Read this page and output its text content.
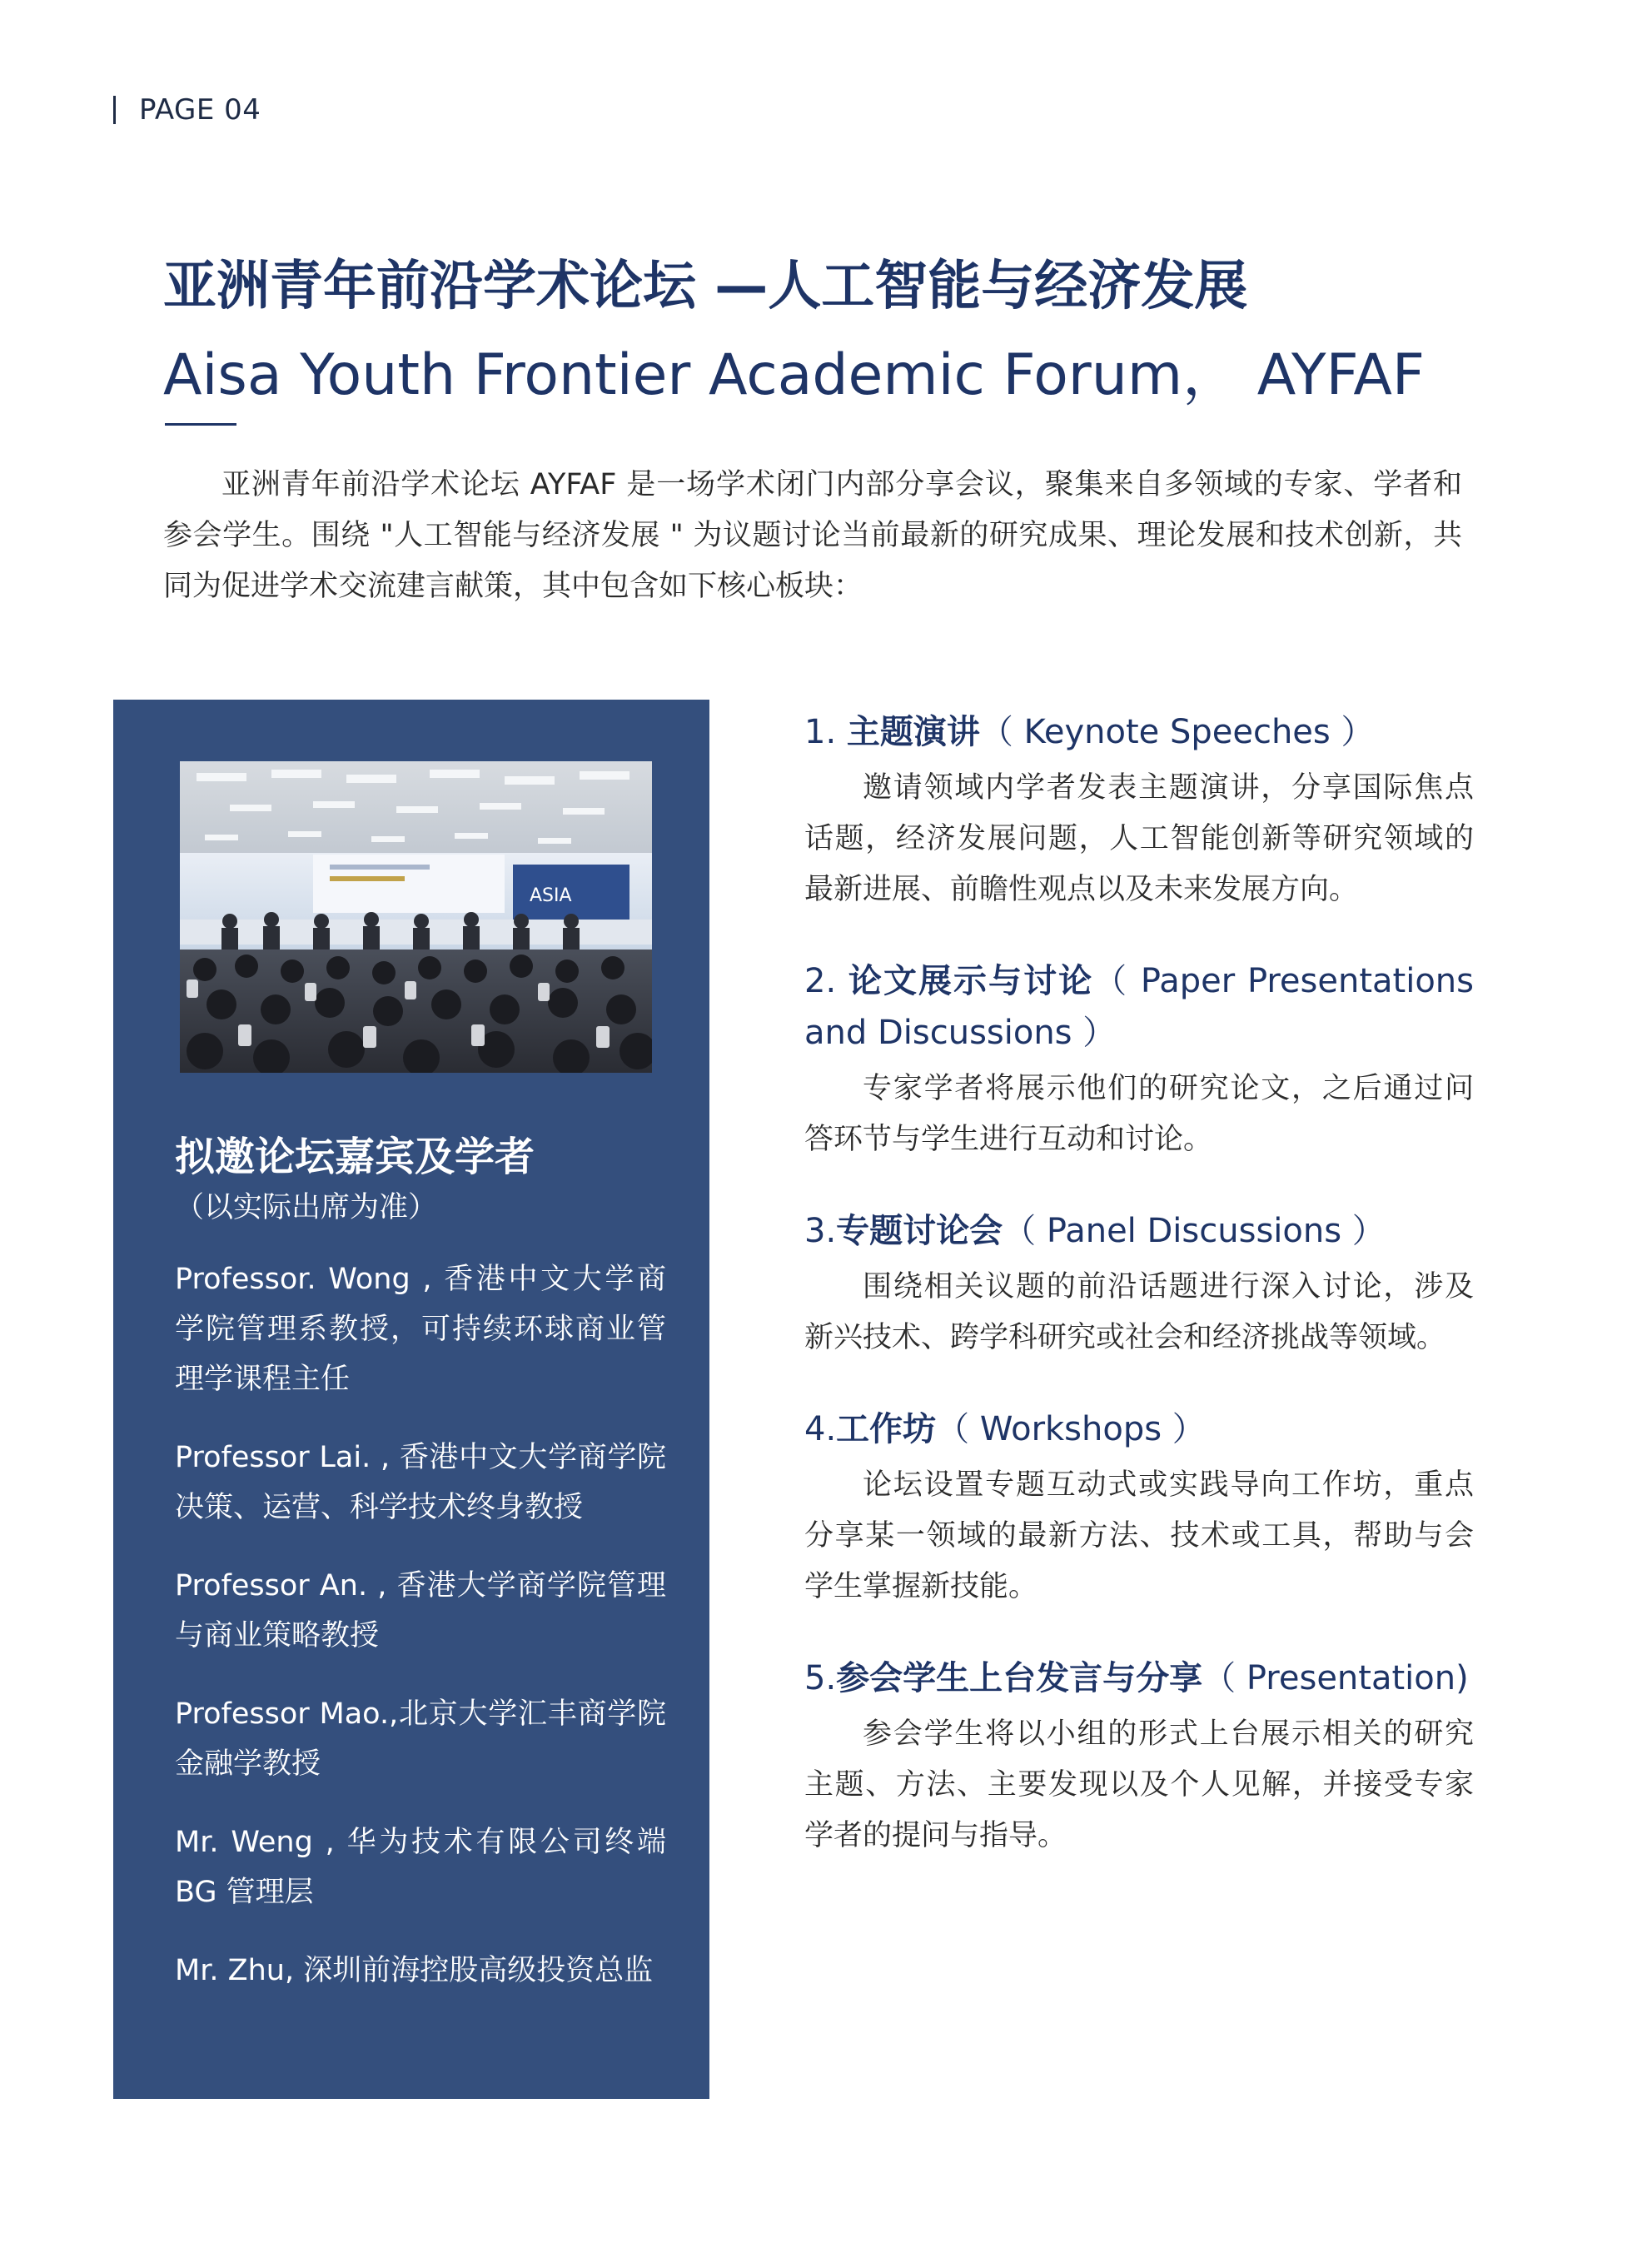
PAGE 04
亚洲青年前沿学术论坛 —人工智能与经济发展
Aisa Youth Frontier Academic Forum， AYFAF
亚洲青年前沿学术论坛 AYFAF 是一场学术闭门内部分享会议，聚集来自多领域的专家、学者和参会学生。围绕 "人工智能与经济发展 " 为议题讨论当前最新的研究成果、理论发展和技术创新，共同为促进学术交流建言献策，其中包含如下核心板块：
ASIA
拟邀论坛嘉宾及学者
（以实际出席为准）

Professor. Wong , 香港中文大学商学院管理系教授，可持续环球商业管理学课程主任

Professor Lai. , 香港中文大学商学院决策、运营、科学技术终身教授

Professor An. , 香港大学商学院管理与商业策略教授

Professor Mao.,北京大学汇丰商学院金融学教授

Mr. Weng , 华为技术有限公司终端 BG 管理层

Mr. Zhu, 深圳前海控股高级投资总监

1. 主题演讲（ Keynote Speeches ）
邀请领域内学者发表主题演讲，分享国际焦点话题，经济发展问题，人工智能创新等研究领域的最新进展、前瞻性观点以及未来发展方向。
2. 论文展示与讨论（ Paper Presentations and Discussions ）
专家学者将展示他们的研究论文，之后通过问答环节与学生进行互动和讨论。
3.专题讨论会（ Panel Discussions ）
围绕相关议题的前沿话题进行深入讨论，涉及新兴技术、跨学科研究或社会和经济挑战等领域。
4.工作坊（ Workshops ）
论坛设置专题互动式或实践导向工作坊，重点分享某一领域的最新方法、技术或工具，帮助与会学生掌握新技能。
5.参会学生上台发言与分享（ Presentation)
参会学生将以小组的形式上台展示相关的研究主题、方法、主要发现以及个人见解，并接受专家学者的提问与指导。
